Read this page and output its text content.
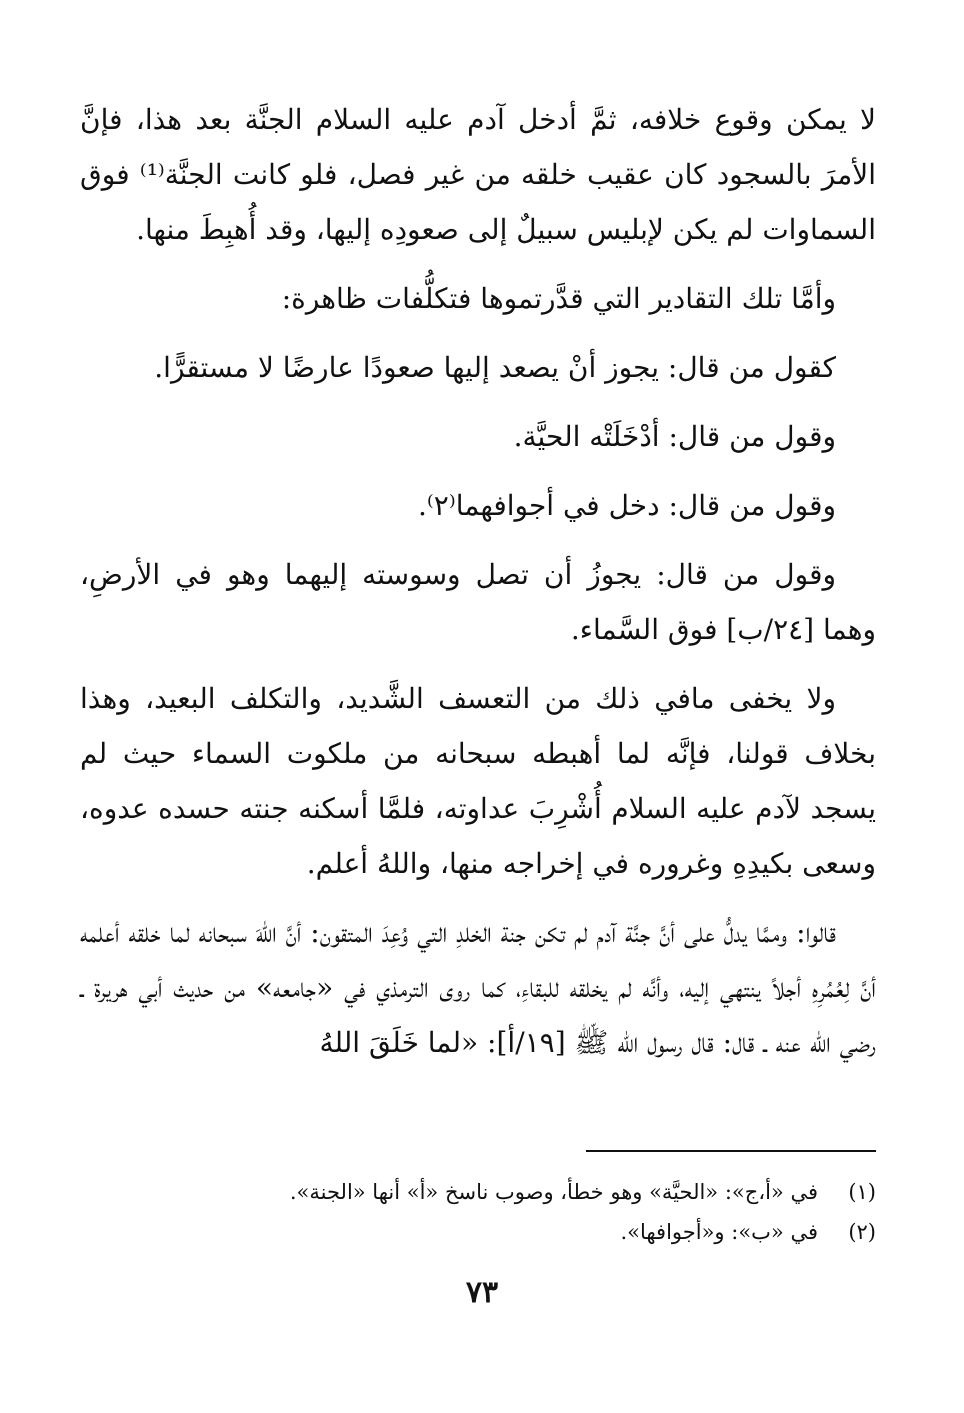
لا يمكن وقوع خلافه، ثمَّ أدخل آدم عليه السلام الجنَّة بعد هذا، فإنَّ الأمرَ بالسجود كان عقيب خلقه من غير فصل، فلو كانت الجنَّة⁽¹⁾ فوق السماوات لم يكن لإبليس سبيلٌ إلى صعودِه إليها، وقد أُهبِطَ منها.

وأمَّا تلك التقادير التي قدَّرتموها فتكلُّفات ظاهرة:

كقول من قال: يجوز أنْ يصعد إليها صعودًا عارضًا لا مستقرًّا.

وقول من قال: أدْخَلَتْه الحيَّة.

وقول من قال: دخل في أجوافهما⁽٢⁾.

وقول من قال: يجوزُ أن تصل وسوسته إليهما وهو في الأرضِ، وهما [٢٤/ب] فوق السَّماء.

ولا يخفى مافي ذلك من التعسف الشَّديد، والتكلف البعيد، وهذا بخلاف قولنا، فإنَّه لما أهبطه سبحانه من ملكوت السماء حيث لم يسجد لآدم عليه السلام أُشْرِبَ عداوته، فلمَّا أسكنه جنته حسده عدوه، وسعى بكيدِهِ وغروره في إخراجه منها، واللهُ أعلم.

قالوا: وممَّا يدلُّ على أنَّ جنَّة آدم لم تكن جنة الخلدِ التي وُعِدَ المتقون: أنَّ اللهَ سبحانه لما خلقه أعلمه أنَّ لِعُمُرِهِ أجلاً ينتهي إليه، وأنَّه لم يخلقه للبقاءِ، كما روى الترمذي في «جامعه» من حديث أبي هريرة ـ رضي الله عنه ـ قال: قال رسول الله ﷺ [١٩/أ]: «لما خَلَقَ اللهُ

(١)في «أ،ج»: «الحيَّة» وهو خطأ، وصوب ناسخ «أ» أنها «الجنة».

(٢)في «ب»: و«أجوافها».

٧٣
